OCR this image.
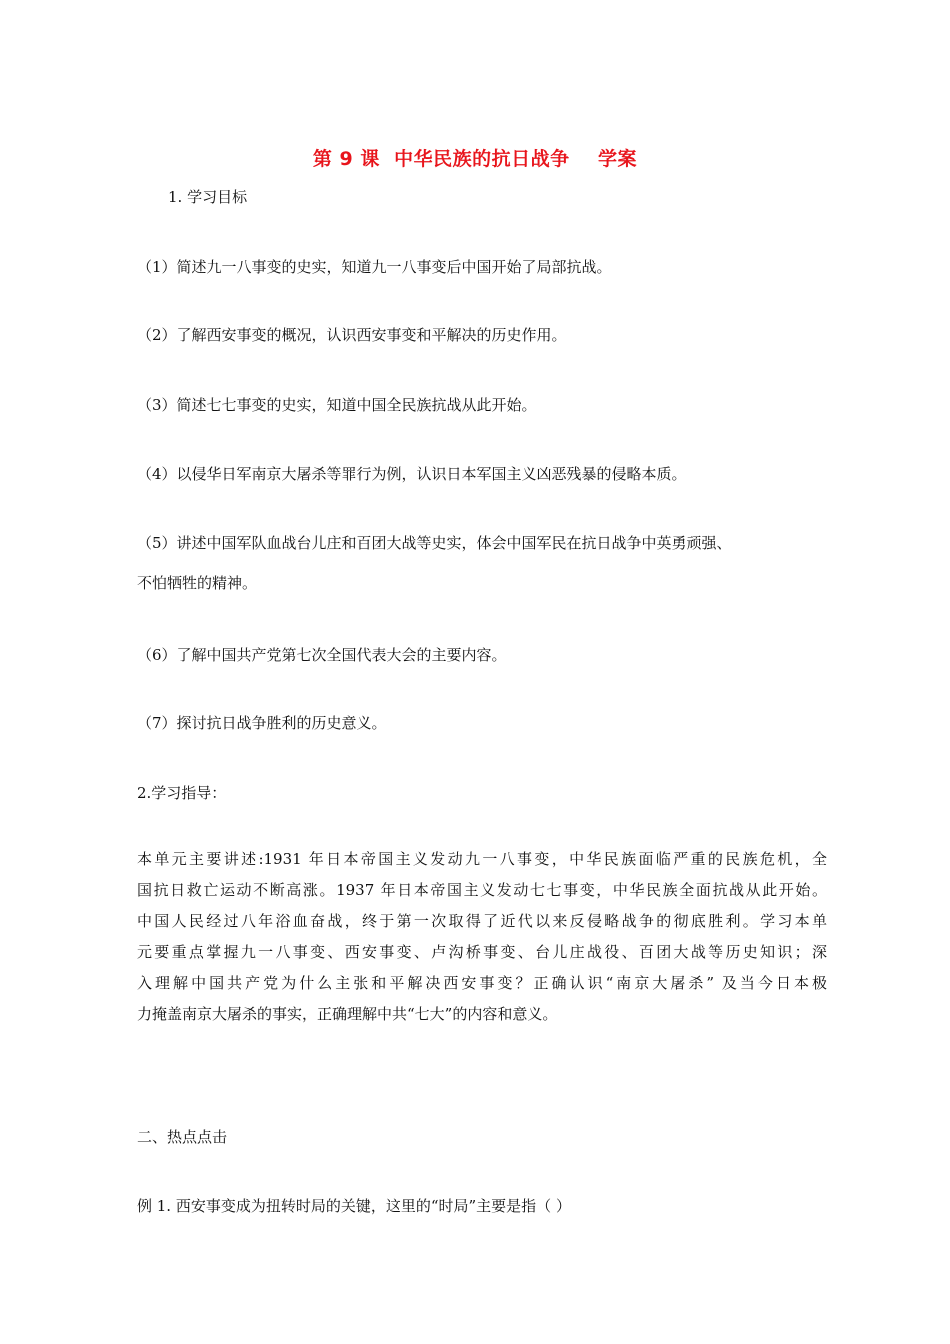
第 9 课  中华民族的抗日战争    学案
1. 学习目标
（1）简述九一八事变的史实，知道九一八事变后中国开始了局部抗战。
（2）了解西安事变的概况，认识西安事变和平解决的历史作用。
（3）简述七七事变的史实，知道中国全民族抗战从此开始。
（4）以侵华日军南京大屠杀等罪行为例，认识日本军国主义凶恶残暴的侵略本质。
（5）讲述中国军队血战台儿庄和百团大战等史实，体会中国军民在抗日战争中英勇顽强、
不怕牺牲的精神。
（6）了解中国共产党第七次全国代表大会的主要内容。
（7）探讨抗日战争胜利的历史意义。
2.学习指导：
本单元主要讲述:1931 年日本帝国主义发动九一八事变，中华民族面临严重的民族危机，全
国抗日救亡运动不断高涨。1937 年日本帝国主义发动七七事变，中华民族全面抗战从此开始。
中国人民经过八年浴血奋战，终于第一次取得了近代以来反侵略战争的彻底胜利。学习本单
元要重点掌握九一八事变、西安事变、卢沟桥事变、台儿庄战役、百团大战等历史知识；深
入理解中国共产党为什么主张和平解决西安事变？正确认识“南京大屠杀” 及当今日本极
力掩盖南京大屠杀的事实，正确理解中共“七大”的内容和意义。
二、热点点击
例 1. 西安事变成为扭转时局的关键，这里的“时局”主要是指（ ）
